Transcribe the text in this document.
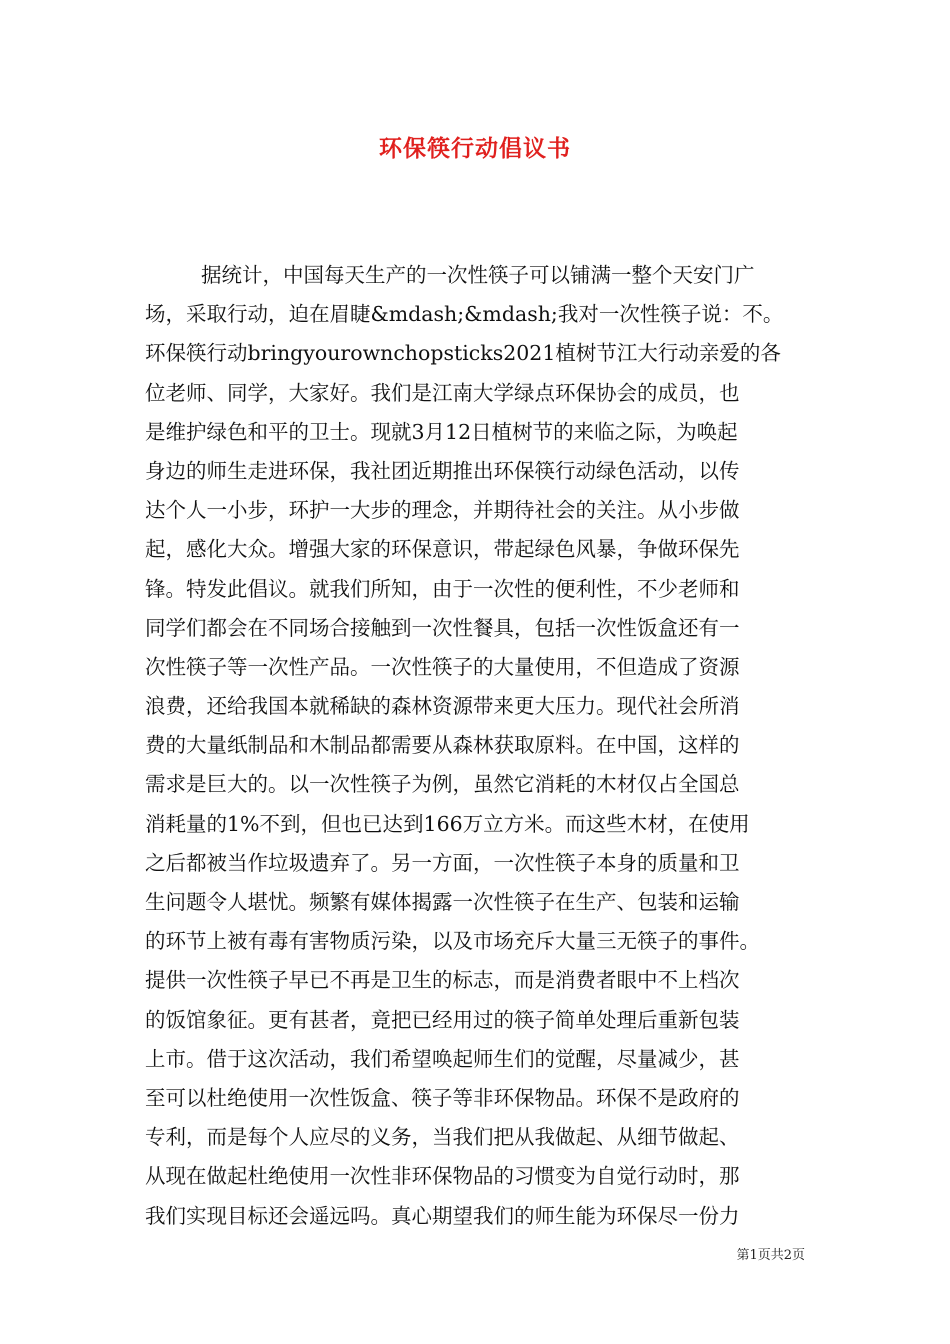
环保筷行动倡议书
据统计，中国每天生产的一次性筷子可以铺满一整个天安门广
场，采取行动，迫在眉睫&mdash;&mdash;我对一次性筷子说：不。
环保筷行动bringyourownchopsticks2021植树节江大行动亲爱的各
位老师、同学，大家好。我们是江南大学绿点环保协会的成员，也
是维护绿色和平的卫士。现就3月12日植树节的来临之际，为唤起
身边的师生走进环保，我社团近期推出环保筷行动绿色活动，以传
达个人一小步，环护一大步的理念，并期待社会的关注。从小步做
起，感化大众。增强大家的环保意识，带起绿色风暴，争做环保先
锋。特发此倡议。就我们所知，由于一次性的便利性，不少老师和
同学们都会在不同场合接触到一次性餐具，包括一次性饭盒还有一
次性筷子等一次性产品。一次性筷子的大量使用，不但造成了资源
浪费，还给我国本就稀缺的森林资源带来更大压力。现代社会所消
费的大量纸制品和木制品都需要从森林获取原料。在中国，这样的
需求是巨大的。以一次性筷子为例，虽然它消耗的木材仅占全国总
消耗量的1%不到，但也已达到166万立方米。而这些木材，在使用
之后都被当作垃圾遗弃了。另一方面，一次性筷子本身的质量和卫
生问题令人堪忧。频繁有媒体揭露一次性筷子在生产、包装和运输
的环节上被有毒有害物质污染，以及市场充斥大量三无筷子的事件。
提供一次性筷子早已不再是卫生的标志，而是消费者眼中不上档次
的饭馆象征。更有甚者，竟把已经用过的筷子简单处理后重新包装
上市。借于这次活动，我们希望唤起师生们的觉醒，尽量减少，甚
至可以杜绝使用一次性饭盒、筷子等非环保物品。环保不是政府的
专利，而是每个人应尽的义务，当我们把从我做起、从细节做起、
从现在做起杜绝使用一次性非环保物品的习惯变为自觉行动时，那
我们实现目标还会遥远吗。真心期望我们的师生能为环保尽一份力
第1页共2页
